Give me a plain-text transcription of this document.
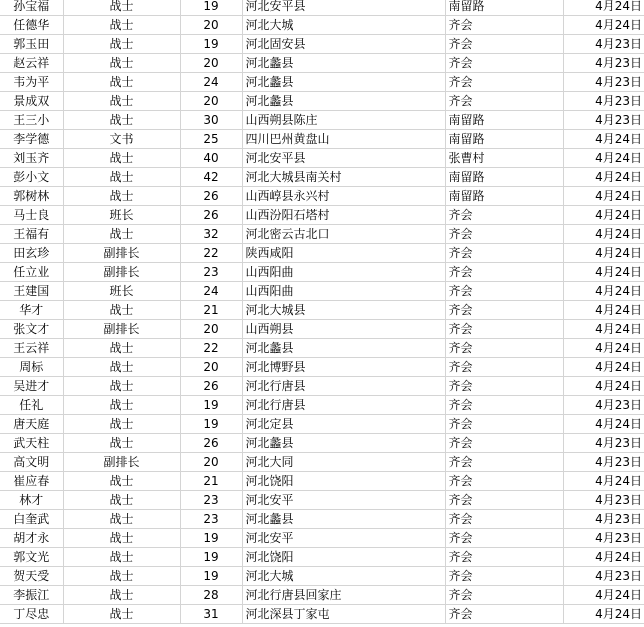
孙宝福	战士	19	河北安平县	南留路	4月24日
任德华	战士	20	河北大城	齐会	4月24日
郭玉田	战士	19	河北固安县	齐会	4月23日
赵云祥	战士	20	河北蠡县	齐会	4月23日
韦为平	战士	24	河北蠡县	齐会	4月23日
景成双	战士	20	河北蠡县	齐会	4月23日
王三小	战士	30	山西朔县陈庄	南留路	4月23日
李学德	文书	25	四川巴州黄盘山	南留路	4月24日
刘玉齐	战士	40	河北安平县	张曹村	4月24日
彭小文	战士	42	河北大城县南关村	南留路	4月24日
郭树林	战士	26	山西崞县永兴村	南留路	4月24日
马士良	班长	26	山西汾阳石塔村	齐会	4月24日
王福有	战士	32	河北密云古北口	齐会	4月24日
田玄珍	副排长	22	陕西咸阳	齐会	4月24日
任立业	副排长	23	山西阳曲	齐会	4月24日
王建国	班长	24	山西阳曲	齐会	4月24日
华才	战士	21	河北大城县	齐会	4月24日
张文才	副排长	20	山西朔县	齐会	4月24日
王云祥	战士	22	河北蠡县	齐会	4月24日
周标	战士	20	河北博野县	齐会	4月24日
吴进才	战士	26	河北行唐县	齐会	4月24日
任礼	战士	19	河北行唐县	齐会	4月23日
唐天庭	战士	19	河北定县	齐会	4月24日
武天柱	战士	26	河北蠡县	齐会	4月23日
高文明	副排长	20	河北大同	齐会	4月23日
崔应春	战士	21	河北饶阳	齐会	4月24日
林才	战士	23	河北安平	齐会	4月23日
白奎武	战士	23	河北蠡县	齐会	4月23日
胡才永	战士	19	河北安平	齐会	4月23日
郭文光	战士	19	河北饶阳	齐会	4月24日
贺天受	战士	19	河北大城	齐会	4月23日
李振江	战士	28	河北行唐县回家庄	齐会	4月24日
丁尽忠	战士	31	河北深县丁家屯	齐会	4月24日
